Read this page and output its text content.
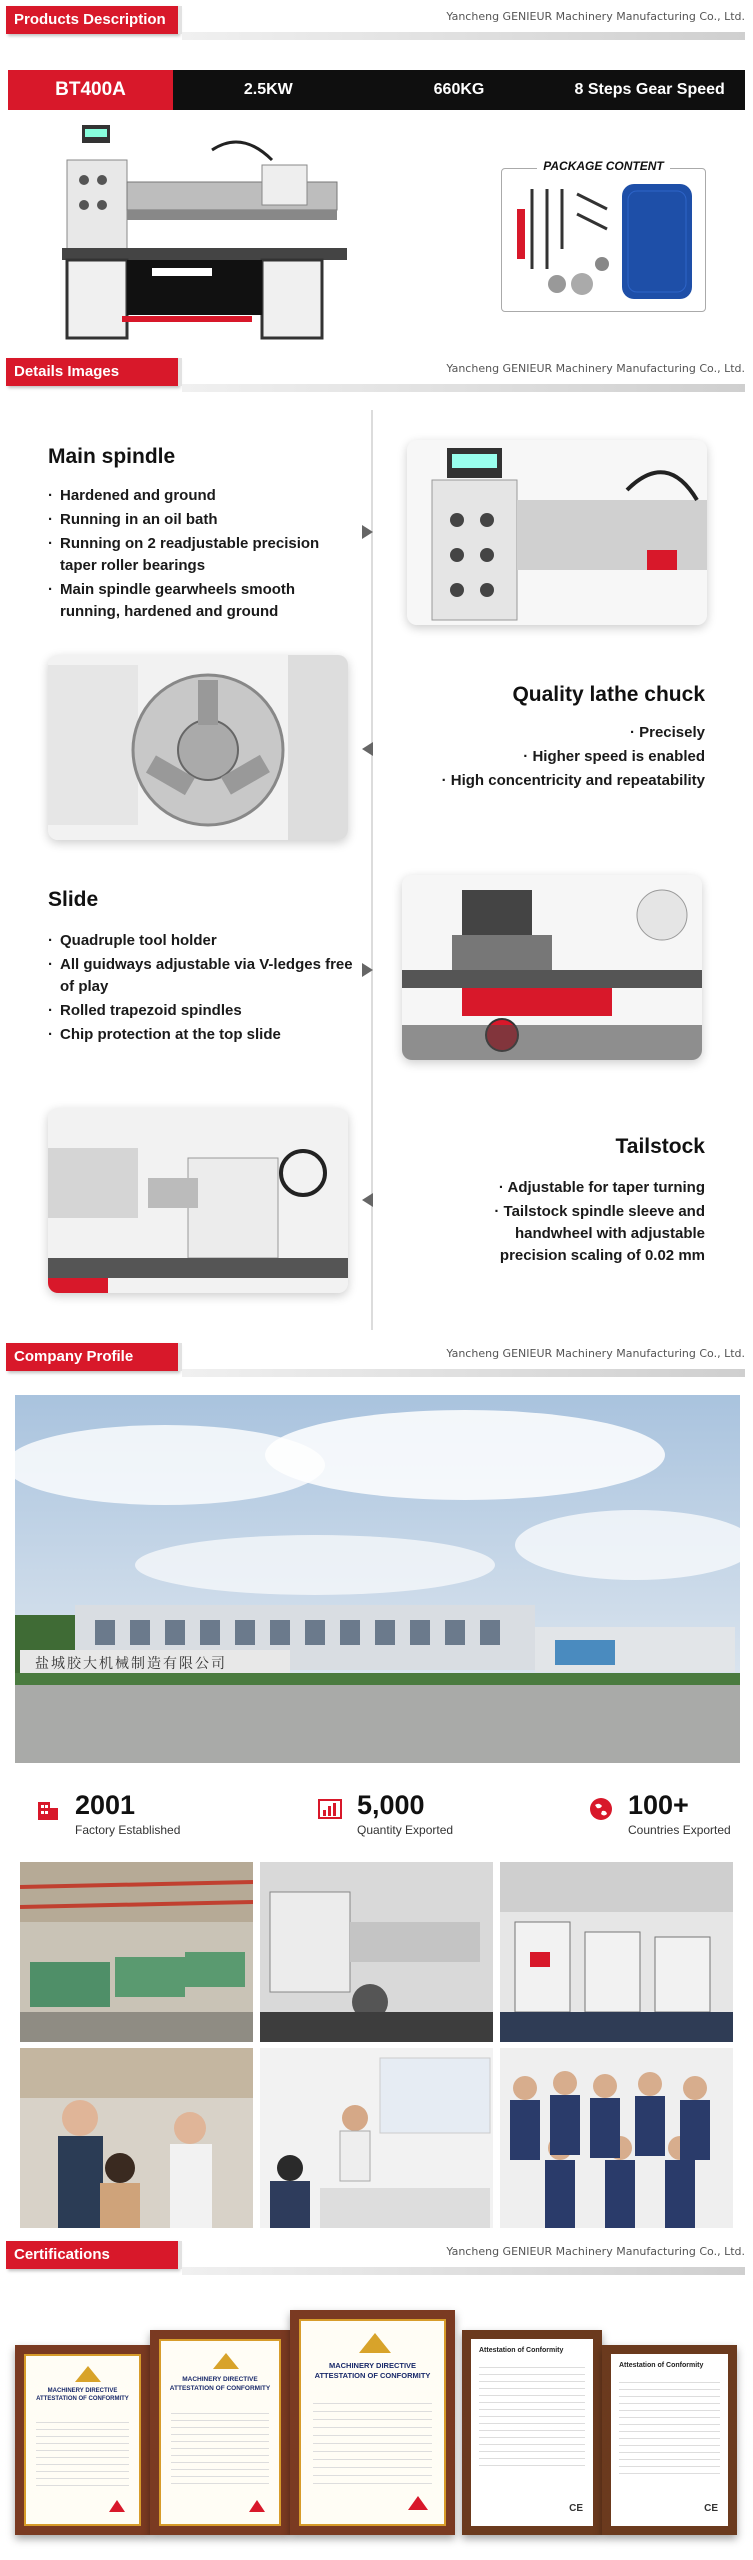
Products Description	Yancheng GENIEUR Machinery Manufacturing Co., Ltd.
BT400A	2.5KW	660KG	8 Steps Gear Speed
PACKAGE CONTENT
Details Images	Yancheng GENIEUR Machinery Manufacturing Co., Ltd.
Main spindle
· Hardened and ground
· Running in an oil bath
· Running on 2 readjustable precision taper roller bearings
· Main spindle gearwheels smooth running, hardened and ground
Quality lathe chuck
· Precisely
· Higher speed is enabled
· High concentricity and repeatability
Slide
· Quadruple tool holder
· All guidways adjustable via V-ledges free of play
· Rolled trapezoid spindles
· Chip protection at the top slide
Tailstock
· Adjustable for taper turning
· Tailstock spindle sleeve and handwheel with adjustable precision scaling of 0.02 mm
Company Profile	Yancheng GENIEUR Machinery Manufacturing Co., Ltd.
盐城胶大机械制造有限公司
2001
Factory Established
5,000
Quantity Exported
100+
Countries Exported
Certifications	Yancheng GENIEUR Machinery Manufacturing Co., Ltd.
MACHINERY DIRECTIVE
ATTESTATION OF CONFORMITY
MACHINERY DIRECTIVE
ATTESTATION OF CONFORMITY
MACHINERY DIRECTIVE
ATTESTATION OF CONFORMITY
Attestation of Conformity
CE
Attestation of Conformity
CE
